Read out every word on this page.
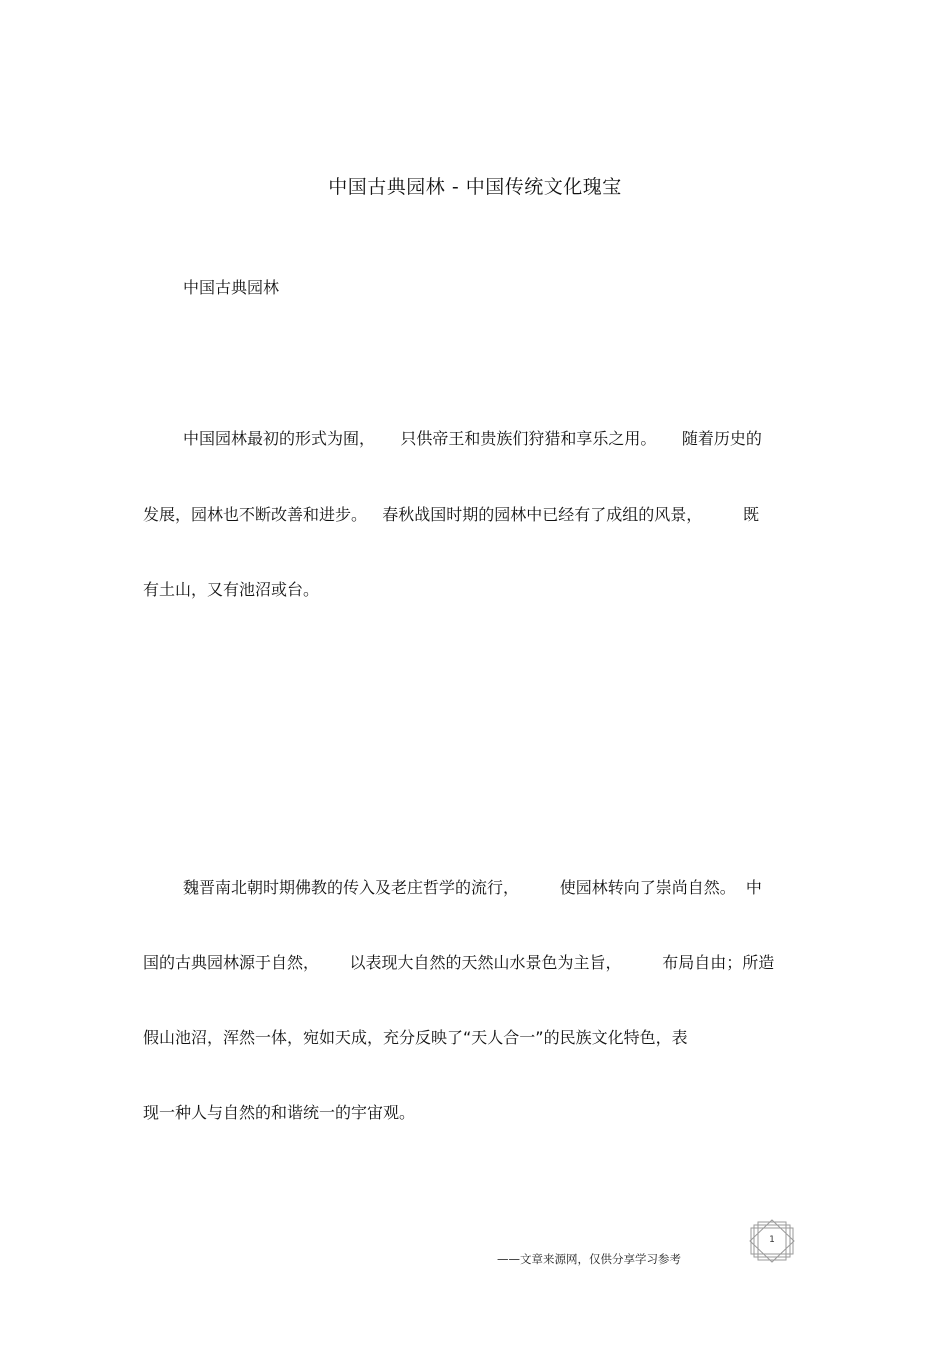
中国古典园林 - 中国传统文化瑰宝
中国古典园林
中国园林最初的形式为囿，     只供帝王和贵族们狩猎和享乐之用。     随着历史的
发展，园林也不断改善和进步。   春秋战国时期的园林中已经有了成组的风景，        既
有土山，又有池沼或台。
魏晋南北朝时期佛教的传入及老庄哲学的流行，        使园林转向了崇尚自然。  中
国的古典园林源于自然，      以表现大自然的天然山水景色为主旨，        布局自由；所造
假山池沼，浑然一体，宛如天成，充分反映了“天人合一”的民族文化特色，表
现一种人与自然的和谐统一的宇宙观。
——文章来源网，仅供分享学习参考
1
